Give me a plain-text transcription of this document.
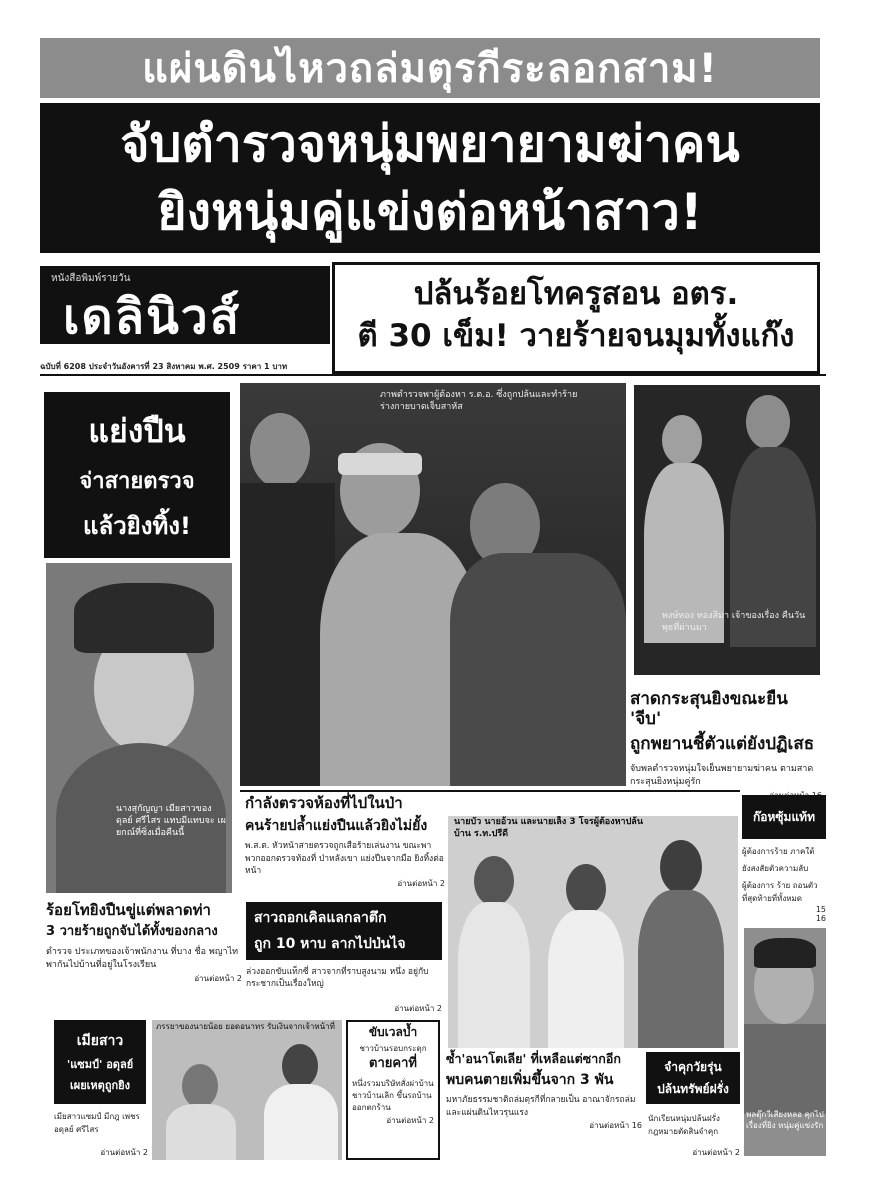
แผ่นดินไหวถล่มตุรกีระลอกสาม!
จับตำรวจหนุ่มพยายามฆ่าคน
ยิงหนุ่มคู่แข่งต่อหน้าสาว!
หนังสือพิมพ์รายวัน
เดลินิวส์
ฉบับที่ 6208 ประจำวันอังคารที่ 23 สิงหาคม พ.ศ. 2509 ราคา 1 บาท
ปล้นร้อยโทครูสอน อตร.
ตี 30 เข็ม! วายร้ายจนมุมทั้งแก๊ง
แย่งปืน
จ่าสายตรวจ
แล้วยิงทิ้ง!
นางสุกัญญา เมียสาวของ ดุลย์ ศรีไสร แทบมีแทบจะ เผยกณ์ที่ซิ่งเมื่อคืนนี้
ภาพตำรวจพาผู้ต้องหา ร.ต.อ. ซึ่งถูกปล้นและทำร้ายร่างกายบาดเจ็บสาหัส
พงษ์ทอง ทองสิมา เจ้าของเรื่อง คืนวันพุธที่ผ่านมา
สาดกระสุนยิงขณะยืน 'จีบ'
ถูกพยานชี้ตัวแต่ยังปฏิเสธ
จับพลตำรวจหนุ่มใจเย็นพยายามฆ่าคน ตามสาดกระสุนยิงหนุ่มคู่รัก
กำลังตรวจห้องที่ไปในป่า
คนร้ายปล้ำแย่งปืนแล้วยิงไม่ยั้ง
พ.ส.ต. หัวหน้าสายตรวจถูกเสือร้ายเล่นงาน ขณะพาพวกออกตรวจท้องที่ ป่าหลังเขา แย่งปืนจากมือ ยิงทิ้งต่อหน้า
อ่านต่อหน้า 2
นายบัว นายอ้วน และนายเล็ง 3 โจรผู้ต้องหาปล้นบ้าน ร.ท.ปรีดี
ก๊อหซุ้มแท้ท
ผู้ต้องการร้าย ภาคใต้
ยังสงสัยตัวความลับ
ผู้ต้องการ ร้าย ถอนตัว ที่สุดท้ายที่ทั้งหมด
15
16
พลตุ๊กวีเสียงหลอ คุกไปเรื่องที่ยิง หนุ่มคู่แข่งรัก
ร้อยโทยิงปืนขู่แต่พลาดท่า
3 วายร้ายถูกจับได้ทั้งของกลาง
ตำรวจ ประเภทของเจ้าพนักงาน ที่บาง ชื่อ พญาไท พากันไปบ้านที่อยู่ในโรงเรียน
อ่านต่อหน้า 2
สาวถอกเคิลแลกลาตึก
ถูก 10 หาบ ลากไปป่นไจ
ล่วงออกขับแท็กซี่ สาวจากที่ราบสูงนาม หนึ่ง อยู่กับกระชากเป็นเรื่องใหญ่
อ่านต่อหน้า 2
เมียสาว
'แซมป์' อดุลย์
เผยเหตุถูกยิง
เมียสาวแซมป์ มีกฎ เพชร อดุลย์ ศรีไสร
อ่านต่อหน้า 2
ภรรยาของนายน้อย ยอดอนาทร รับเงินจากเจ้าหน้าที่	ขับเวลบ้ำ
ชาวบ้านรอบกระดุก
ตายคาที่
หนึ่งรวมบริษัทสั่งผ่าบ้านชาวบ้านเลิก ขึ้นรถบ้าน ออกตกร้าน
อ่านต่อหน้า 2
ซ้ำ'อนาโตเลีย' ที่เหลือแต่ซากอีก
พบคนตายเพิ่มขึ้นจาก 3 พัน
มหาภัยธรรมชาติถล่มตุรกีที่กลายเป็น อาณาจักรถล่มและแผ่นดินไหวรุนแรง
อ่านต่อหน้า 16
จำคุกวัยรุ่น
ปล้นทรัพย์ฝรั่ง
นักเรียนหนุ่มปล้นฝรั่ง กฎหมายตัดสินจำคุก
อ่านต่อหน้า 2
